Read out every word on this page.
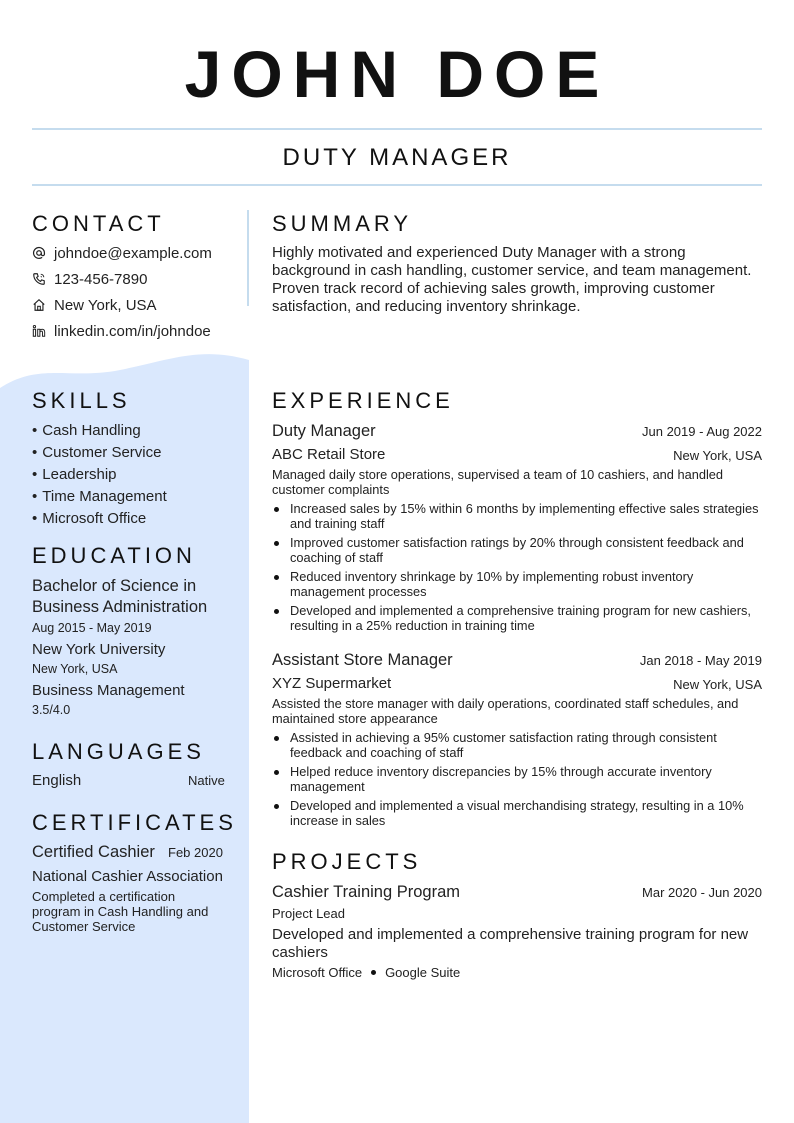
JOHN DOE
DUTY MANAGER
CONTACT
johndoe@example.com
123-456-7890
New York, USA
linkedin.com/in/johndoe
SKILLS
• Cash Handling
• Customer Service
• Leadership
• Time Management
• Microsoft Office
EDUCATION
Bachelor of Science in Business Administration
Aug 2015 - May 2019
New York University
New York, USA
Business Management
3.5/4.0
LANGUAGES
English	Native
CERTIFICATES
Certified Cashier Feb 2020
National Cashier Association
Completed a certification program in Cash Handling and Customer Service
SUMMARY
Highly motivated and experienced Duty Manager with a strong background in cash handling, customer service, and team management. Proven track record of achieving sales growth, improving customer satisfaction, and reducing inventory shrinkage.
EXPERIENCE
Duty Manager	Jun 2019 - Aug 2022
ABC Retail Store	New York, USA
Managed daily store operations, supervised a team of 10 cashiers, and handled customer complaints
Increased sales by 15% within 6 months by implementing effective sales strategies and training staff
Improved customer satisfaction ratings by 20% through consistent feedback and coaching of staff
Reduced inventory shrinkage by 10% by implementing robust inventory management processes
Developed and implemented a comprehensive training program for new cashiers, resulting in a 25% reduction in training time
Assistant Store Manager	Jan 2018 - May 2019
XYZ Supermarket	New York, USA
Assisted the store manager with daily operations, coordinated staff schedules, and maintained store appearance
Assisted in achieving a 95% customer satisfaction rating through consistent feedback and coaching of staff
Helped reduce inventory discrepancies by 15% through accurate inventory management
Developed and implemented a visual merchandising strategy, resulting in a 10% increase in sales
PROJECTS
Cashier Training Program	Mar 2020 - Jun 2020
Project Lead
Developed and implemented a comprehensive training program for new cashiers
Microsoft Office Google Suite
